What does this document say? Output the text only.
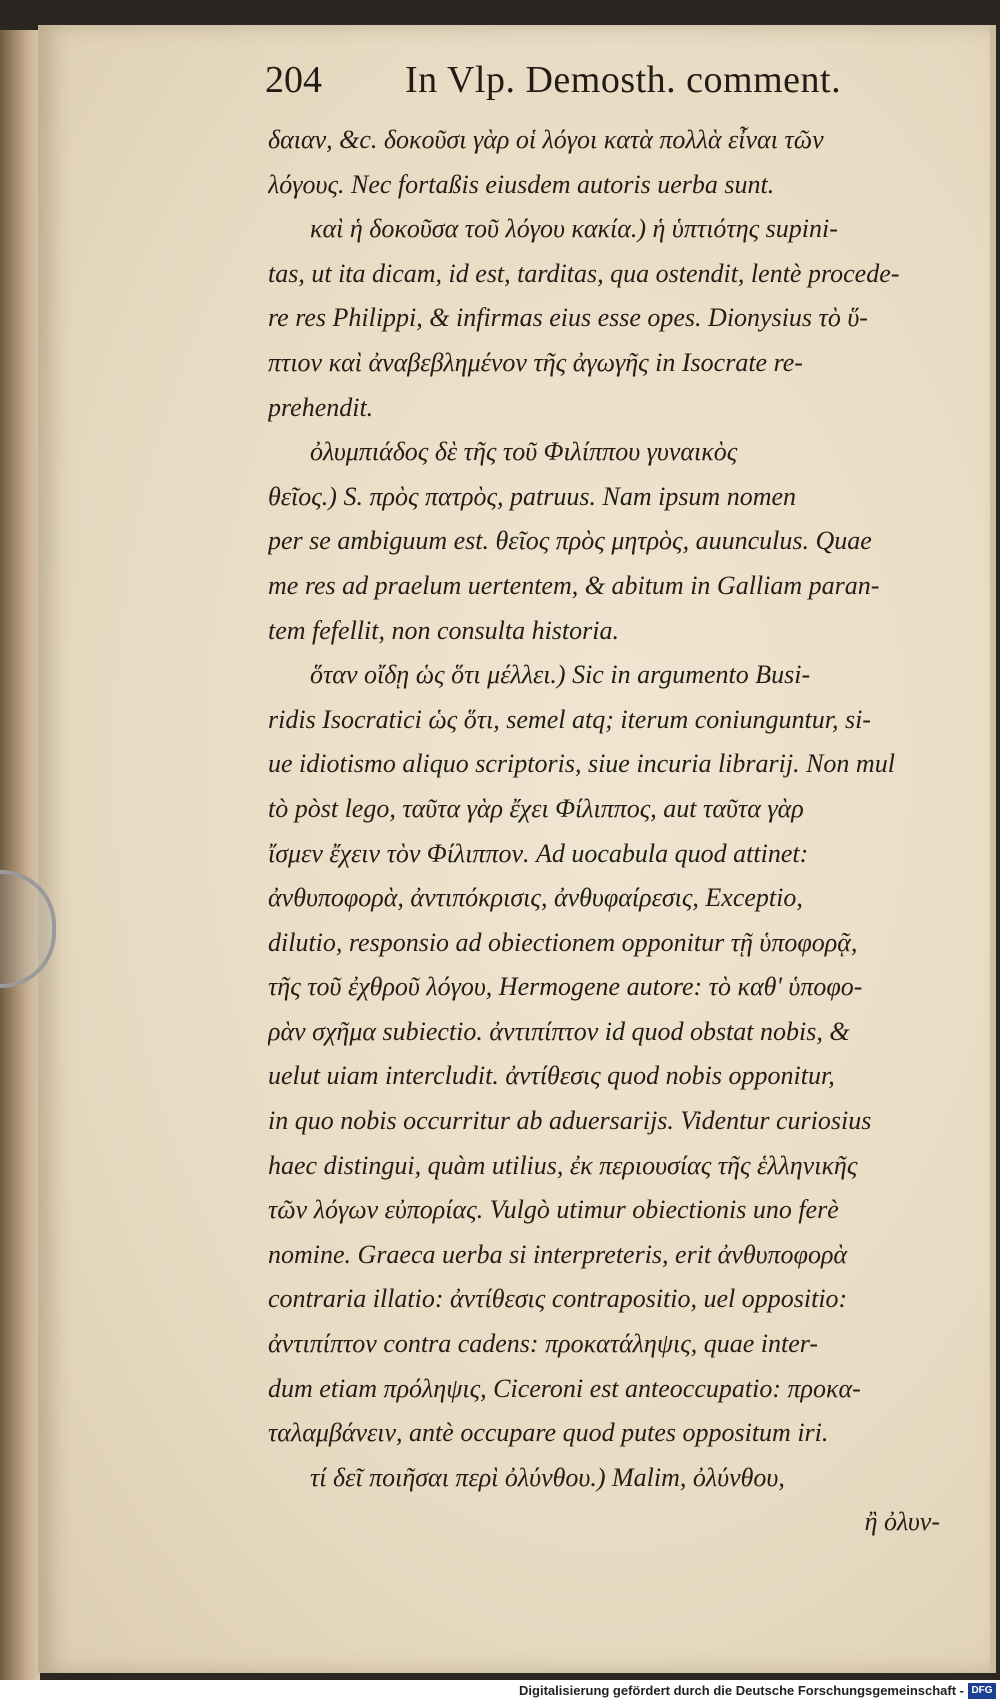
204 In Vlp. Demosth. comment.
δαιαν, &c. δοκοῦσι γὰρ οἱ λόγοι κατὰ πολλὰ εἶναι τῶν
λόγους. Nec fortaßis eiusdem autoris uerba sunt.
καὶ ἡ δοκοῦσα τοῦ λόγου κακία.) ἡ ὑπτιότης supini-
tas, ut ita dicam, id est, tarditas, qua ostendit, lentè procede-
re res Philippi, & infirmas eius esse opes. Dionysius τὸ ὕ-
πτιον καὶ ἀναβεβλημένον τῆς ἀγωγῆς in Isocrate re-
prehendit.
ὀλυμπιάδος δὲ τῆς τοῦ Φιλίππου γυναικὸς
θεῖος.) S. πρὸς πατρὸς, patruus. Nam ipsum nomen
per se ambiguum est. θεῖος πρὸς μητρὸς, auunculus. Quae
me res ad praelum uertentem, & abitum in Galliam paran-
tem fefellit, non consulta historia.
ὅταν οἴδῃ ὡς ὅτι μέλλει.) Sic in argumento Busi-
ridis Isocratici ὡς ὅτι, semel atq; iterum coniunguntur, si-
ue idiotismo aliquo scriptoris, siue incuria librarij. Non mul
tò pòst lego, ταῦτα γὰρ ἔχει Φίλιππος, aut ταῦτα γὰρ
ἴσμεν ἔχειν τὸν Φίλιππον. Ad uocabula quod attinet:
ἀνθυποφορὰ, ἀντιπόκρισις, ἀνθυφαίρεσις, Exceptio,
dilutio, responsio ad obiectionem opponitur τῇ ὑποφορᾷ,
τῆς τοῦ ἐχθροῦ λόγου, Hermogene autore: τὸ καθ' ὑποφο-
ρὰν σχῆμα subiectio. ἀντιπίπτον id quod obstat nobis, &
uelut uiam intercludit. ἀντίθεσις quod nobis opponitur,
in quo nobis occurritur ab aduersarijs. Videntur curiosius
haec distingui, quàm utilius, ἐκ περιουσίας τῆς ἑλληνικῆς
τῶν λόγων εὐπορίας. Vulgò utimur obiectionis uno ferè
nomine. Graeca uerba si interpreteris, erit ἀνθυποφορὰ
contraria illatio: ἀντίθεσις contrapositio, uel oppositio:
ἀντιπίπτον contra cadens: προκατάληψις, quae inter-
dum etiam πρόληψις, Ciceroni est anteoccupatio: προκα-
ταλαμβάνειν, antè occupare quod putes oppositum iri.
τί δεῖ ποιῆσαι περὶ ὀλύνθου.) Malim, ὀλύνθου,
ἢ ὀλυν-
Digitalisierung gefördert durch die Deutsche Forschungsgemeinschaft - DFG
